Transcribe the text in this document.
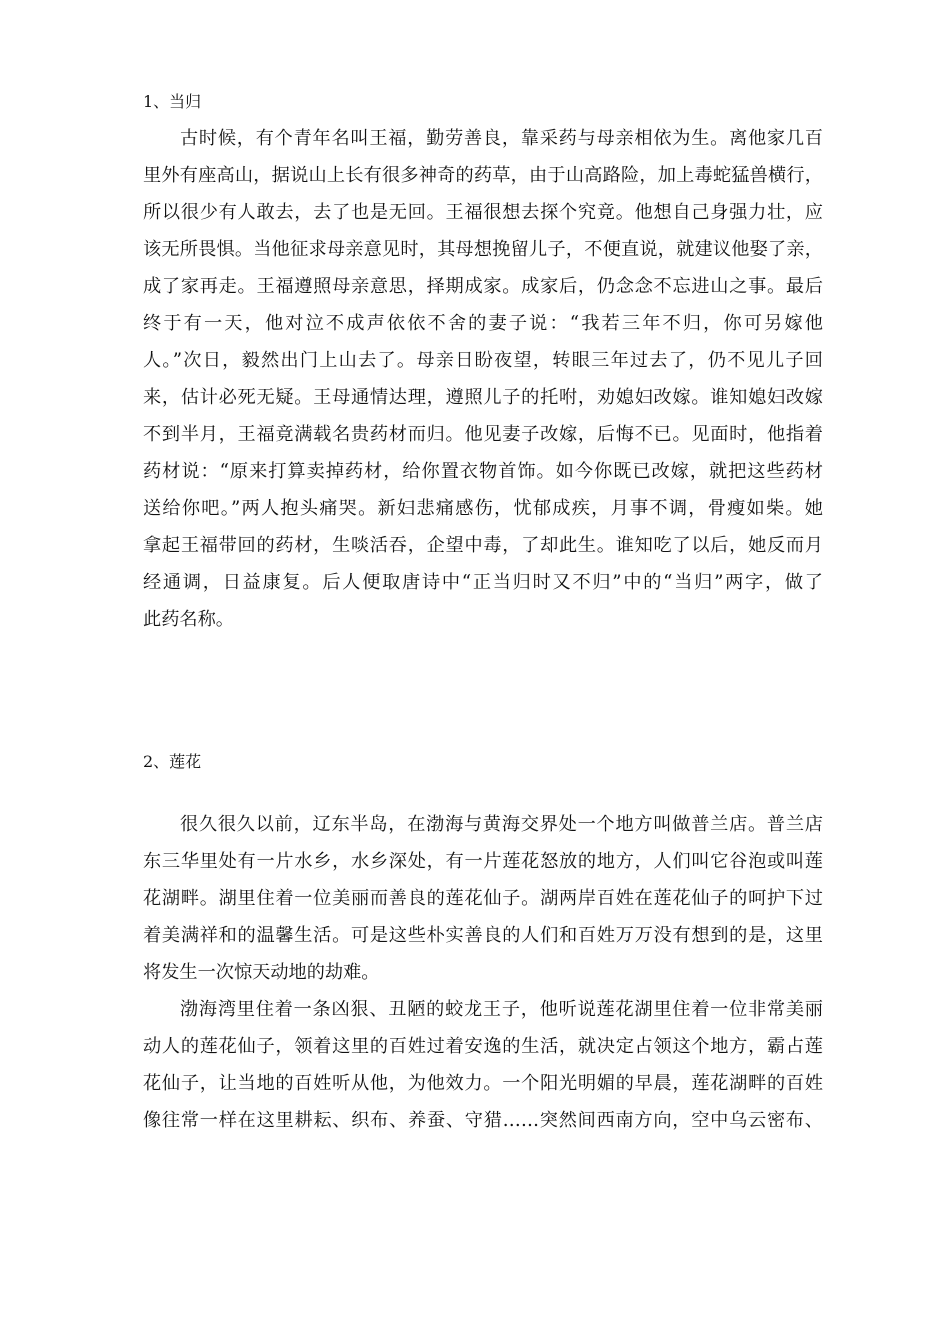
1、当归
古时候，有个青年名叫王福，勤劳善良，靠采药与母亲相依为生。离他家几百
里外有座高山，据说山上长有很多神奇的药草，由于山高路险，加上毒蛇猛兽横行，
所以很少有人敢去，去了也是无回。王福很想去探个究竟。他想自己身强力壮，应
该无所畏惧。当他征求母亲意见时，其母想挽留儿子，不便直说，就建议他娶了亲，
成了家再走。王福遵照母亲意思，择期成家。成家后，仍念念不忘进山之事。最后
终于有一天，他对泣不成声依依不舍的妻子说：“我若三年不归，你可另嫁他
人。”次日，毅然出门上山去了。母亲日盼夜望，转眼三年过去了，仍不见儿子回
来，估计必死无疑。王母通情达理，遵照儿子的托咐，劝媳妇改嫁。谁知媳妇改嫁
不到半月，王福竟满载名贵药材而归。他见妻子改嫁，后悔不已。见面时，他指着
药材说：“原来打算卖掉药材，给你置衣物首饰。如今你既已改嫁，就把这些药材
送给你吧。”两人抱头痛哭。新妇悲痛感伤，忧郁成疾，月事不调，骨瘦如柴。她
拿起王福带回的药材，生啖活吞，企望中毒，了却此生。谁知吃了以后，她反而月
经通调，日益康复。后人便取唐诗中“正当归时又不归”中的“当归”两字，做了
此药名称。
2、莲花
很久很久以前，辽东半岛，在渤海与黄海交界处一个地方叫做普兰店。普兰店
东三华里处有一片水乡，水乡深处，有一片莲花怒放的地方，人们叫它谷泡或叫莲
花湖畔。湖里住着一位美丽而善良的莲花仙子。湖两岸百姓在莲花仙子的呵护下过
着美满祥和的温馨生活。可是这些朴实善良的人们和百姓万万没有想到的是，这里
将发生一次惊天动地的劫难。
渤海湾里住着一条凶狠、丑陋的蛟龙王子，他听说莲花湖里住着一位非常美丽
动人的莲花仙子，领着这里的百姓过着安逸的生活，就决定占领这个地方，霸占莲
花仙子，让当地的百姓听从他，为他效力。一个阳光明媚的早晨，莲花湖畔的百姓
像往常一样在这里耕耘、织布、养蚕、守猎……突然间西南方向，空中乌云密布、
